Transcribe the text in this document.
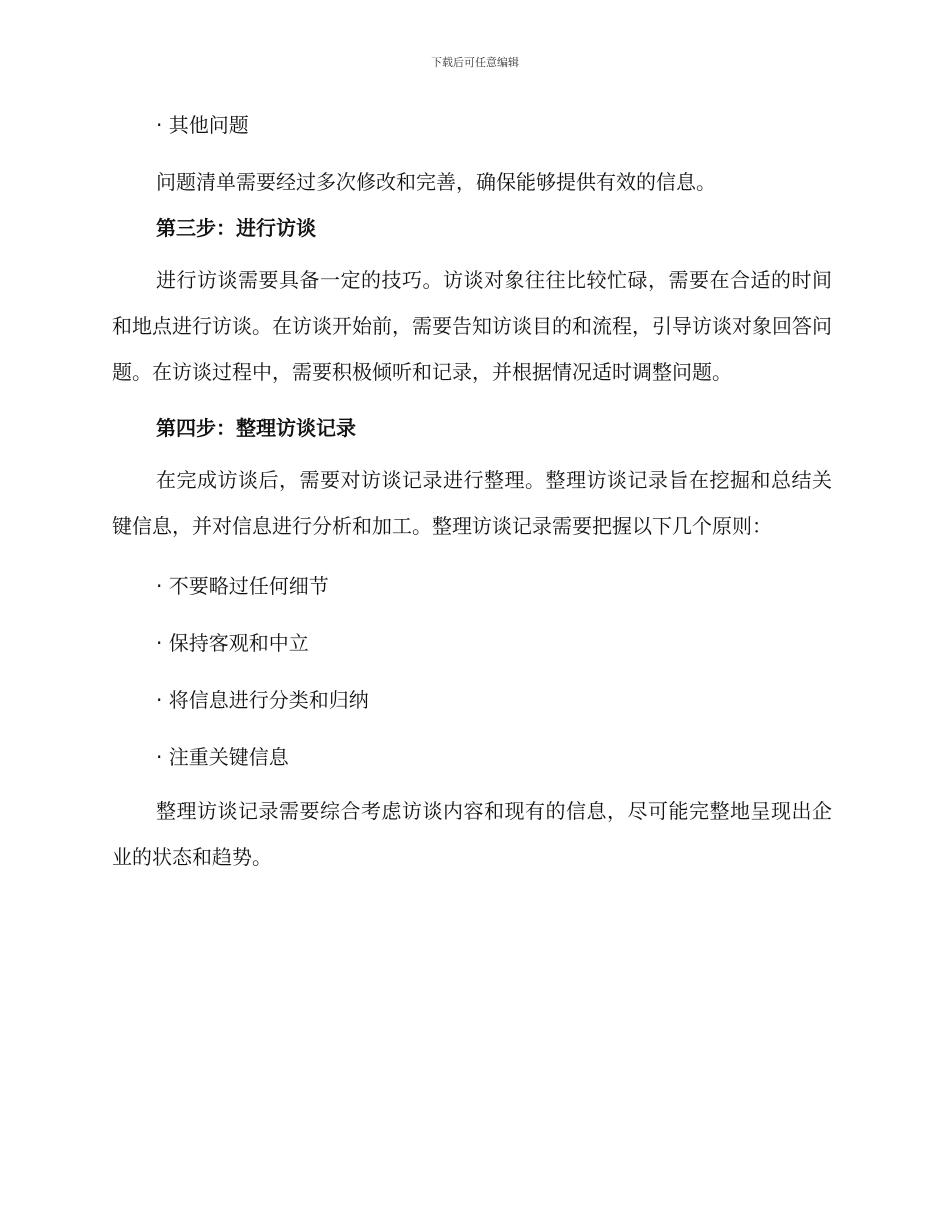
下载后可任意编辑
· 其他问题

问题清单需要经过多次修改和完善，确保能够提供有效的信息。

第三步：进行访谈

进行访谈需要具备一定的技巧。访谈对象往往比较忙碌，需要在合适的时间和地点进行访谈。在访谈开始前，需要告知访谈目的和流程，引导访谈对象回答问题。在访谈过程中，需要积极倾听和记录，并根据情况适时调整问题。

第四步：整理访谈记录

在完成访谈后，需要对访谈记录进行整理。整理访谈记录旨在挖掘和总结关键信息，并对信息进行分析和加工。整理访谈记录需要把握以下几个原则：

· 不要略过任何细节
· 保持客观和中立
· 将信息进行分类和归纳
· 注重关键信息

整理访谈记录需要综合考虑访谈内容和现有的信息，尽可能完整地呈现出企业的状态和趋势。
